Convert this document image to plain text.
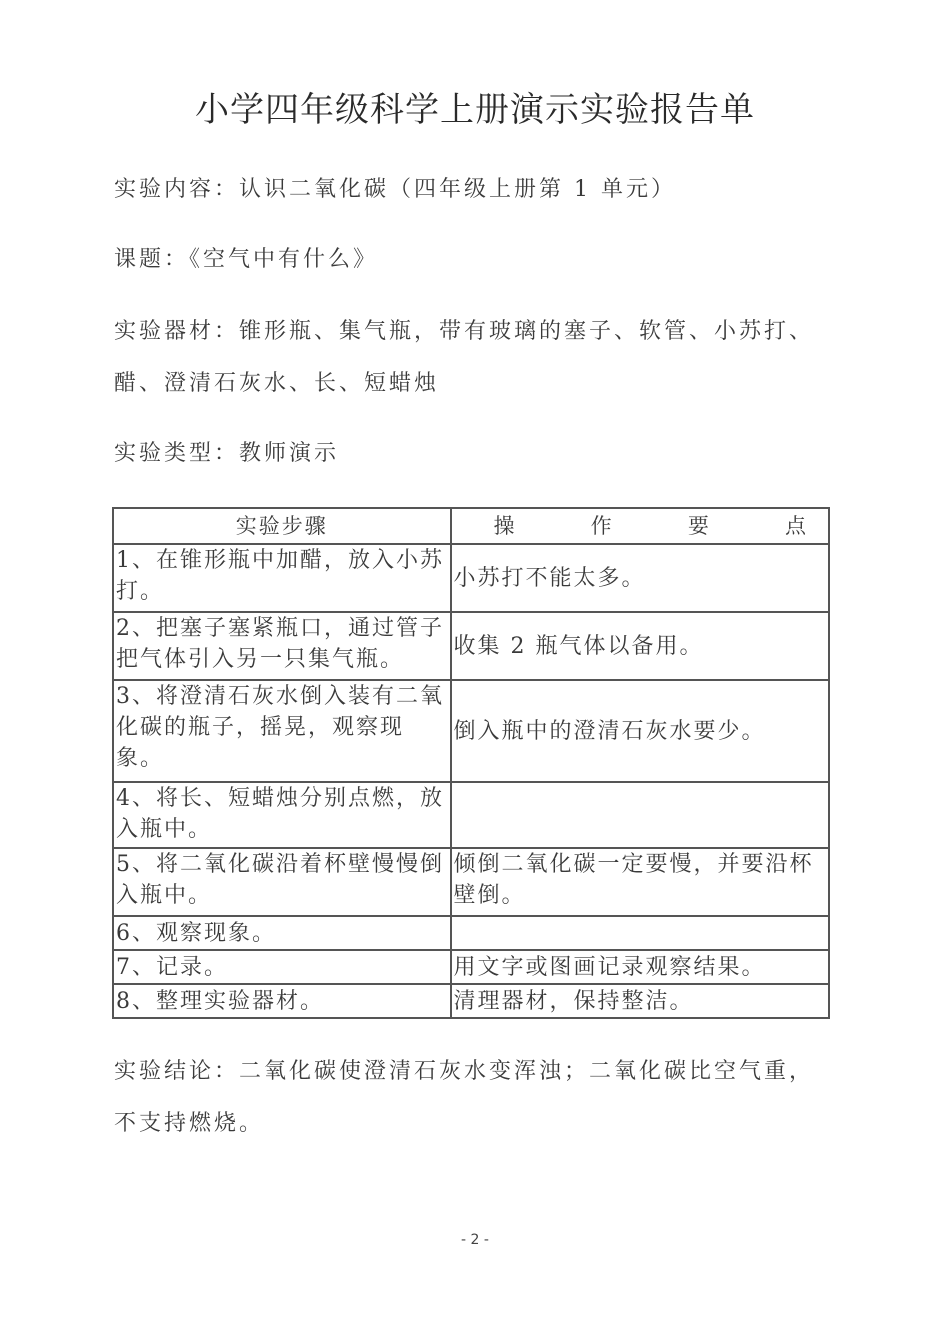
小学四年级科学上册演示实验报告单
实验内容：认识二氧化碳（四年级上册第 1 单元）
课题：《空气中有什么》
实验器材：锥形瓶、集气瓶，带有玻璃的塞子、软管、小苏打、醋、澄清石灰水、长、短蜡烛
实验类型：教师演示
实验步骤	操 作 要 点

1、在锥形瓶中加醋，放入小苏打。	小苏打不能太多。
2、把塞子塞紧瓶口，通过管子把气体引入另一只集气瓶。	收集 2 瓶气体以备用。
3、将澄清石灰水倒入装有二氧化碳的瓶子，摇晃，观察现象。	倒入瓶中的澄清石灰水要少。
4、将长、短蜡烛分别点燃，放入瓶中。	
5、将二氧化碳沿着杯壁慢慢倒入瓶中。	倾倒二氧化碳一定要慢，并要沿杯壁倒。
6、观察现象。	
7、记录。	用文字或图画记录观察结果。
8、整理实验器材。	清理器材，保持整洁。
实验结论：二氧化碳使澄清石灰水变浑浊；二氧化碳比空气重，不支持燃烧。
- 2 -
